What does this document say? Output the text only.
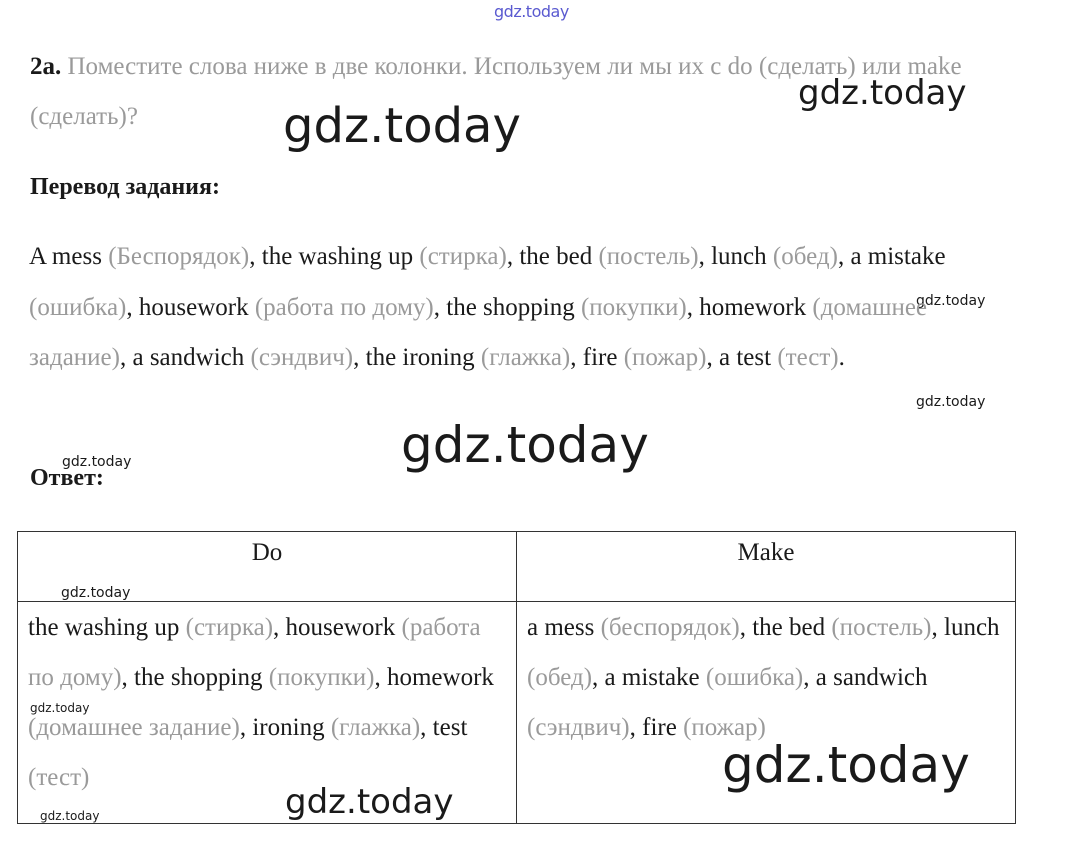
gdz.today
gdz.today
gdz.today
gdz.today
gdz.today
gdz.today
gdz.today
gdz.today
gdz.today
gdz.today
gdz.today
gdz.today
2a. Поместите слова ниже в две колонки. Используем ли мы их с do (сделать) или make (сделать)?
Перевод задания:
A mess (Беспорядок), the washing up (стирка), the bed (постель), lunch (обед), a mistake (ошибка), housework (работа по дому), the shopping (покупки), homework (домашнее задание), a sandwich (сэндвич), the ironing (глажка), fire (пожар), a test (тест).
Ответ:
Do	Make
the washing up (стирка), housework (работа по дому), the shopping (покупки), homework (домашнее задание), ironing (глажка), test (тест)	a mess (беспорядок), the bed (постель), lunch (обед), a mistake (ошибка), a sandwich (сэндвич), fire (пожар)
